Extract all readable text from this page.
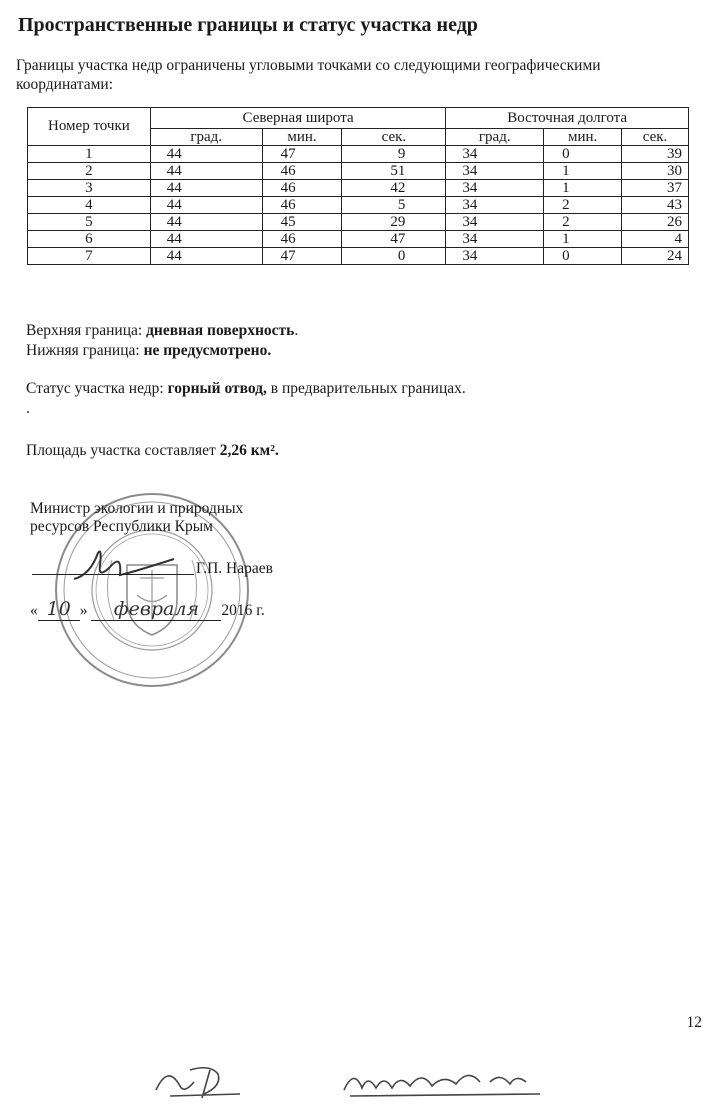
Пространственные границы и статус участка недр
Границы участка недр ограничены угловыми точками со следующими географическими координатами:
Номер точки	Северная широта			Восточная долгота		
	град.	мин.	сек.	град.	мин.	сек.
1	44	47	9	34	0	39
2	44	46	51	34	1	30
3	44	46	42	34	1	37
4	44	46	5	34	2	43
5	44	45	29	34	2	26
6	44	46	47	34	1	4
7	44	47	0	34	0	24
Верхняя граница: дневная поверхность.
Нижняя граница: не предусмотрено.
Статус участка недр: горный отвод, в предварительных границах.
.
Площадь участка составляет 2,26 км².
Министр экологии и природных
ресурсов Республики Крым
Г.П. Нараев
« 10 » февраля 2016 г.
12
